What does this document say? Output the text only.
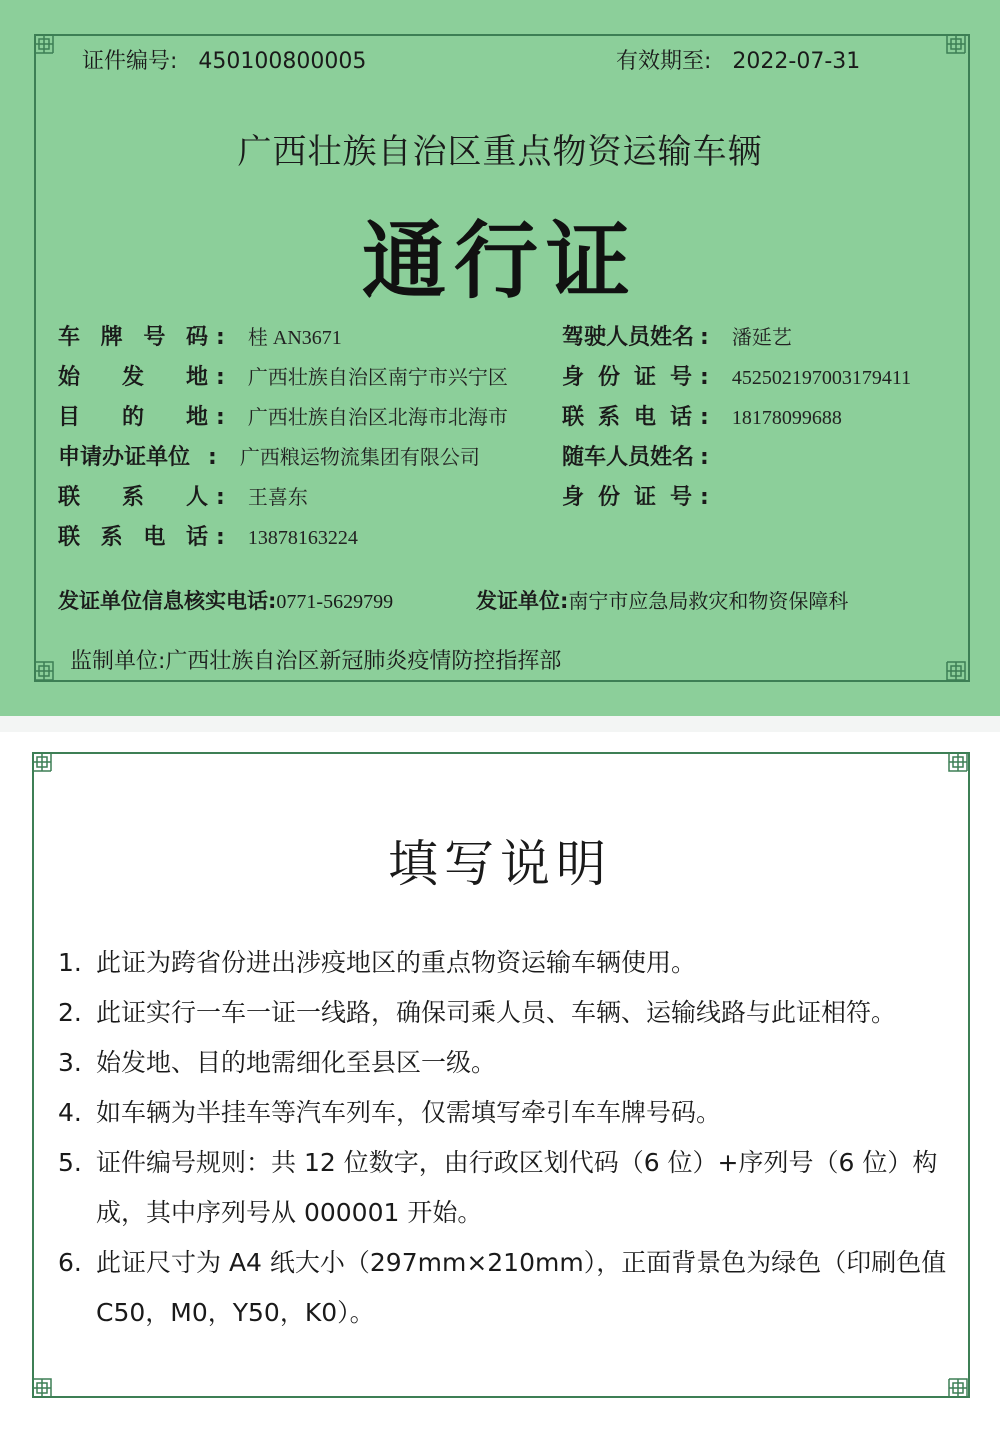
证件编号: 450100800005	有效期至: 2022-07-31
广西壮族自治区重点物资运输车辆
通行证
车牌号码 : 桂 AN3671
始发地 : 广西壮族自治区南宁市兴宁区
目的地 : 广西壮族自治区北海市北海市
申请办证单位 : 广西粮运物流集团有限公司
联系人 : 王喜东
联系电话 : 13878163224
驾驶人员姓名 : 潘延艺
身份证号 : 452502197003179411
联系电话 : 18178099688
随车人员姓名 :
身份证号 :
发证单位信息核实电话:0771-5629799	发证单位:南宁市应急局救灾和物资保障科
监制单位:广西壮族自治区新冠肺炎疫情防控指挥部
填写说明
1. 此证为跨省份进出涉疫地区的重点物资运输车辆使用。
2. 此证实行一车一证一线路，确保司乘人员、车辆、运输线路与此证相符。
3. 始发地、目的地需细化至县区一级。
4. 如车辆为半挂车等汽车列车，仅需填写牵引车车牌号码。
5. 证件编号规则：共 12 位数字，由行政区划代码（6 位）+序列号（6 位）构
成，其中序列号从 000001 开始。
6. 此证尺寸为 A4 纸大小（297mm×210mm），正面背景色为绿色（印刷色值
C50，M0，Y50，K0）。
